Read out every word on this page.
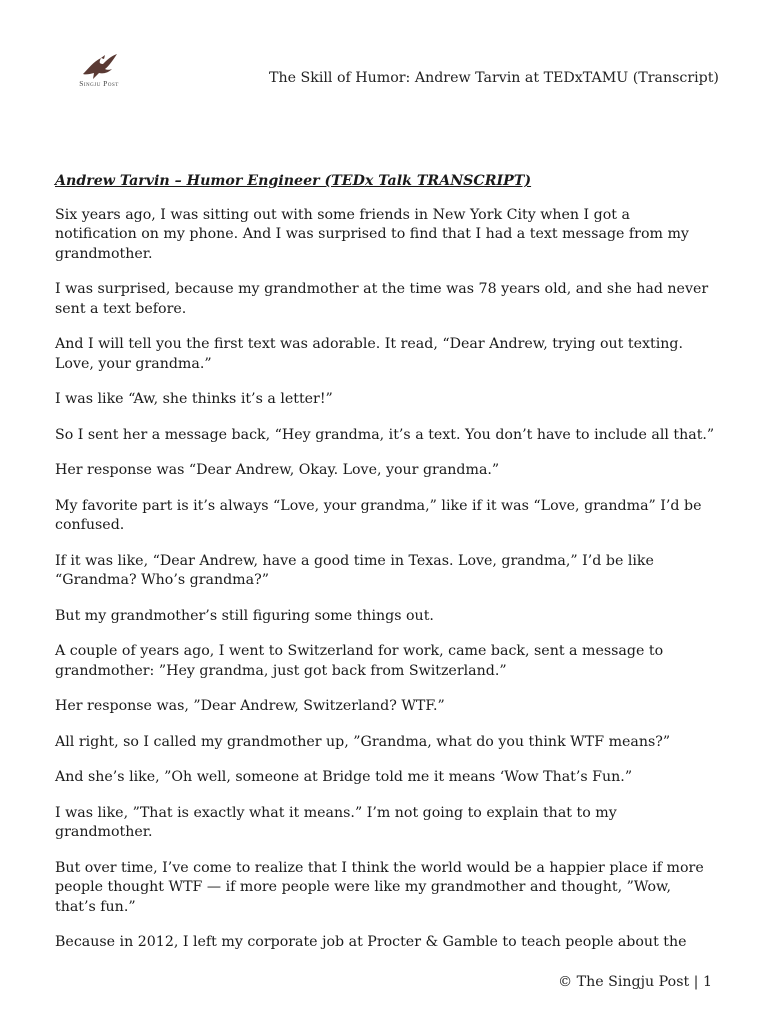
Singju Post	The Skill of Humor: Andrew Tarvin at TEDxTAMU (Transcript)
Andrew Tarvin – Humor Engineer (TEDx Talk TRANSCRIPT)

Six years ago, I was sitting out with some friends in New York City when I got a notification on my phone. And I was surprised to find that I had a text message from my grandmother.

I was surprised, because my grandmother at the time was 78 years old, and she had never sent a text before.

And I will tell you the first text was adorable. It read, “Dear Andrew, trying out texting. Love, your grandma.”

I was like “Aw, she thinks it’s a letter!”

So I sent her a message back, “Hey grandma, it’s a text. You don’t have to include all that.”

Her response was “Dear Andrew, Okay. Love, your grandma.”

My favorite part is it’s always “Love, your grandma,” like if it was “Love, grandma” I’d be confused.

If it was like, “Dear Andrew, have a good time in Texas. Love, grandma,” I’d be like “Grandma? Who’s grandma?”

But my grandmother’s still figuring some things out.

A couple of years ago, I went to Switzerland for work, came back, sent a message to grandmother: ”Hey grandma, just got back from Switzerland.”

Her response was, ”Dear Andrew, Switzerland? WTF.”

All right, so I called my grandmother up, ”Grandma, what do you think WTF means?”

And she’s like, ”Oh well, someone at Bridge told me it means ‘Wow That’s Fun.”

I was like, ”That is exactly what it means.” I’m not going to explain that to my grandmother.

But over time, I’ve come to realize that I think the world would be a happier place if more people thought WTF — if more people were like my grandmother and thought, ”Wow, that’s fun.”

Because in 2012, I left my corporate job at Procter & Gamble to teach people about the

© The Singju Post | 1
